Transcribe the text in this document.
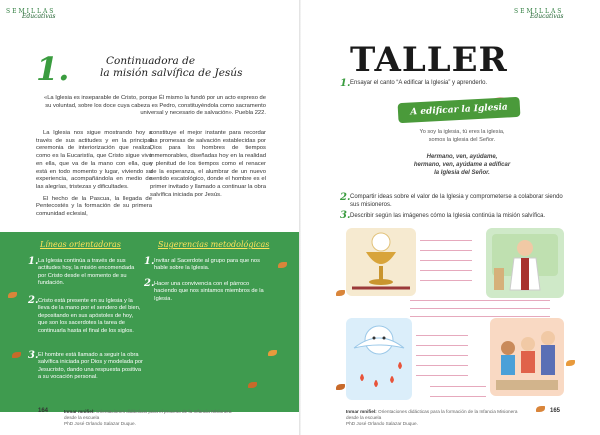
SEMILLAS
Educativas
1.	Continuadora de
la misión salvífica de Jesús
«La Iglesia es inseparable de Cristo, porque Él mismo la fundó por un acto expreso de su voluntad, sobre los doce cuya cabeza es Pedro, constituyéndola como sacramento universal y necesario de salvación». Puebla 222.

La Iglesia nos sigue mostrando hoy a través de sus actitudes y en la principal ceremonia de interiorización que realiza, como es la Eucaristía, que Cristo sigue vivo en ella, que va de la mano con ella, que está en todo momento y lugar, viviendo su experiencia, acompañándola en medio de las alegrías, tristezas y dificultades.

El hecho de la Pascua, la llegada de Pentecostés y la formación de su primera comunidad eclesial,

constituye el mejor instante para recordar las promesas de salvación establecidas por Dios para los hombres de tiempos inmemorables, diseñadas hoy en la realidad y plenitud de los tiempos como el renacer de la esperanza, el alumbrar de un nuevo sentido escatológico, donde el hombre es el primer invitado y llamado a continuar la obra salvífica iniciada por Jesús.

Líneas orientadoras	Sugerencias metodológicas
1. La Iglesia continúa a través de sus actitudes hoy, la misión encomendada por Cristo desde el momento de su fundación.
2. Cristo está presente en su Iglesia y la lleva de la mano por el sendero del bien, depositando en sus apóstoles de hoy, que son los sacerdotes la tarea de continuarla hasta el final de los siglos.
3. El hombre está llamado a seguir la obra salvífica iniciada por Dios y modelada por Jesucristo, dando una respuesta positiva a su vocación personal.
1. Invitar al Sacerdote al grupo para que nos hable sobre la Iglesia.
2. Hacer una convivencia con el párroco haciendo que nos sintamos miembros de la Iglesia.
164	Inmar mnifiel: Orientaciones didácticas para el proceso de la Infancia Misionera desde la escuela
PhD José Orlando Salazar Duque.
SEMILLAS
Educativas
TALLER
1. Ensayar el canto “A edificar la Iglesia” y aprenderlo.
A edificar la Iglesia
Yo soy la iglesia, tú eres la iglesia,
somos la iglesia del Señor.
Hermano, ven, ayúdame,
hermano, ven, ayúdame a edificar
la Iglesia del Señor.
2. Compartir ideas sobre el valor de la Iglesia y comprometerse a colaborar siendo sus misioneros.
3. Describir según las imágenes cómo la Iglesia continúa la misión salvífica.
Inmar mnifiel: Orientaciones didácticas para la formación de la Infancia Misionera desde la escuela
PhD José Orlando Salazar Duque.
165
